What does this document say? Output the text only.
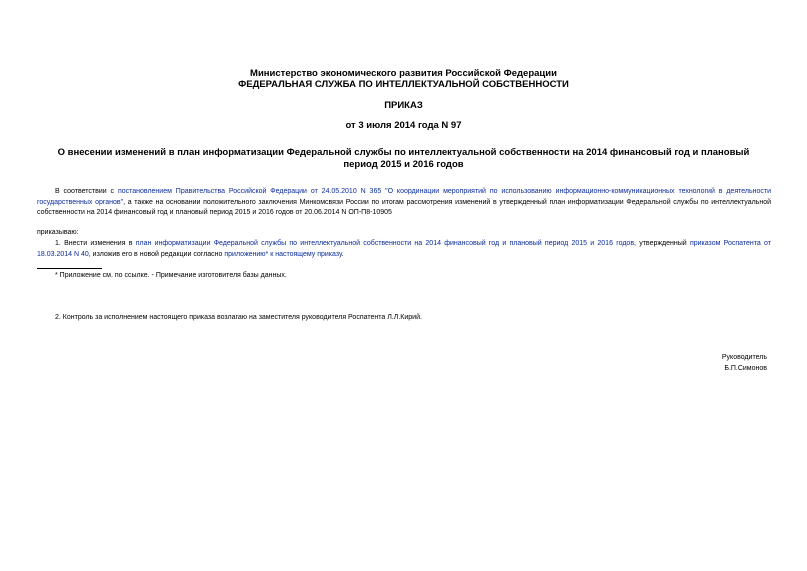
Министерство экономического развития Российской Федерации
ФЕДЕРАЛЬНАЯ СЛУЖБА ПО ИНТЕЛЛЕКТУАЛЬНОЙ СОБСТВЕННОСТИ
ПРИКАЗ
от 3 июля 2014 года N 97
О внесении изменений в план информатизации Федеральной службы по интеллектуальной собственности на 2014 финансовый год и плановый период 2015 и 2016 годов
В соответствии с постановлением Правительства Российской Федерации от 24.05.2010 N 365 "О координации мероприятий по использованию информационно-коммуникационных технологий в деятельности государственных органов", а также на основании положительного заключения Минкомсвязи России по итогам рассмотрения изменений в утвержденный план информатизации Федеральной службы по интеллектуальной собственности на 2014 финансовый год и плановый период 2015 и 2016 годов от 20.06.2014 N ОП-П8-10905
приказываю:
1. Внести изменения в план информатизации Федеральной службы по интеллектуальной собственности на 2014 финансовый год и плановый период 2015 и 2016 годов, утвержденный приказом Роспатента от 18.03.2014 N 40, изложив его в новой редакции согласно приложению* к настоящему приказу.
* Приложение см. по ссылке. - Примечание изготовителя базы данных.
2. Контроль за исполнением настоящего приказа возлагаю на заместителя руководителя Роспатента Л.Л.Кирий.
Руководитель
Б.П.Симонов
